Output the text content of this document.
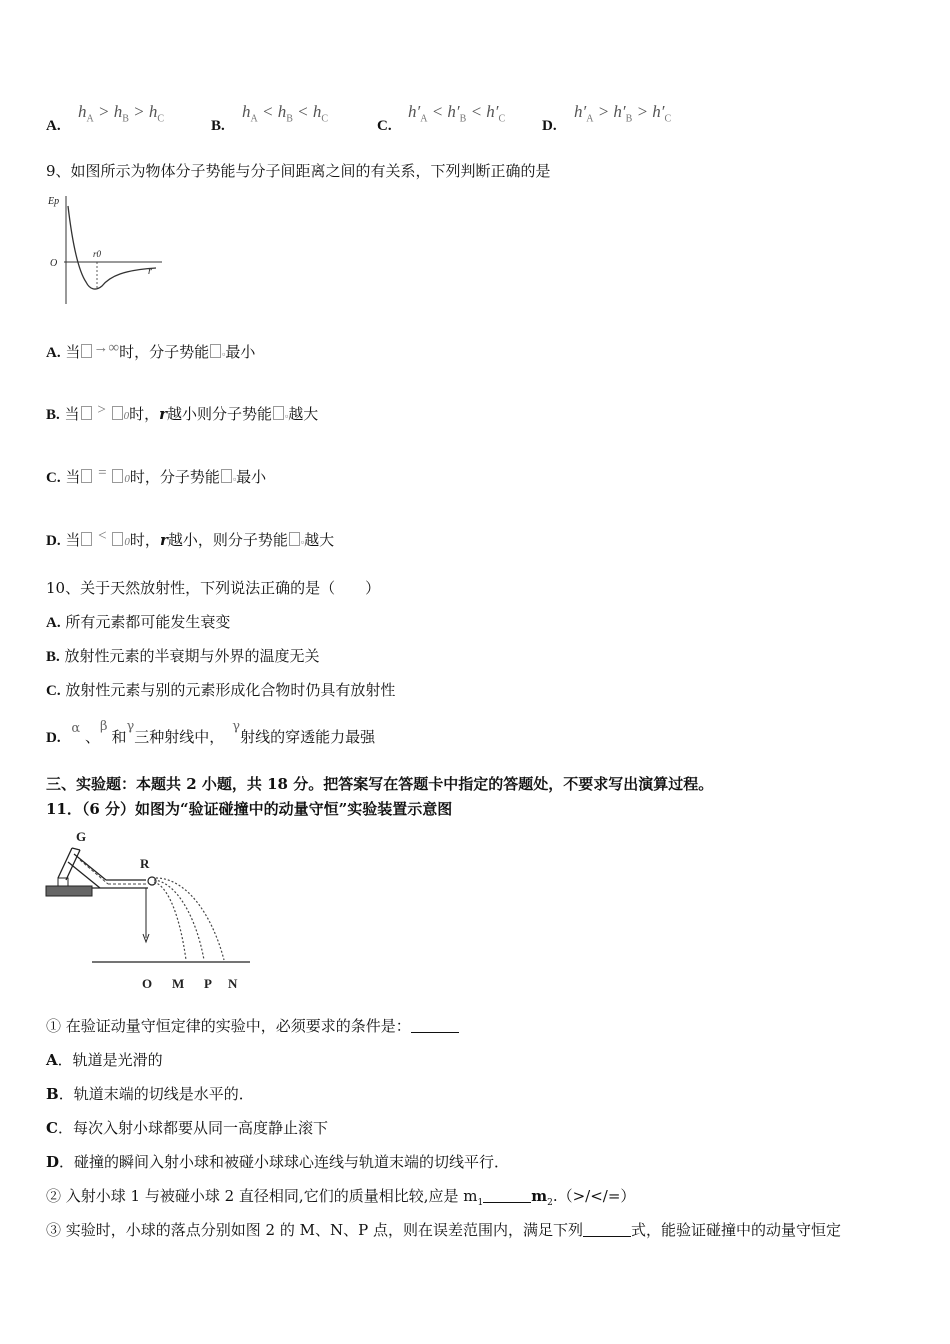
A.
$h_A > h_B > h_C$	B.
$h_A < h_B < h_C$	C.
$h'_A < h'_B < h'_C$ D.
$h'_A > h'_B > h'_C$
9、如图所示为物体分子势能与分子间距离之间的有关系，下列判断正确的是
Ep
O
r0
r
A. 当 →∞时，分子势能 ▫最小
B. 当 > 0时，r越小则分子势能 ▫越大
C. 当 = 0时，分子势能 ▫最小
D. 当 < 0时，r越小，则分子势能 ▫越大
10、关于天然放射性，下列说法正确的是（　　）
A. 所有元素都可能发生衰变
B. 放射性元素的半衰期与外界的温度无关
C. 放射性元素与别的元素形成化合物时仍具有放射性
D. α 、β和γ三种射线中，γ射线的穿透能力最强
三、实验题：本题共 2 小题，共 18 分。把答案写在答题卡中指定的答题处，不要求写出演算过程。
11．（6 分）如图为“验证碰撞中的动量守恒”实验装置示意图
G
R
O M P N
① 在验证动量守恒定律的实验中，必须要求的条件是：
A．轨道是光滑的
B．轨道末端的切线是水平的．
C．每次入射小球都要从同一高度静止滚下
D．碰撞的瞬间入射小球和被碰小球球心连线与轨道末端的切线平行．
② 入射小球 1 与被碰小球 2 直径相同,它们的质量相比较,应是 $m_1$	$m_2.(>/</=)$
③ 实验时，小球的落点分别如图 2 的 M、N、P 点，则在误差范围内，满足下列	式，能验证碰撞中的动量守恒定
